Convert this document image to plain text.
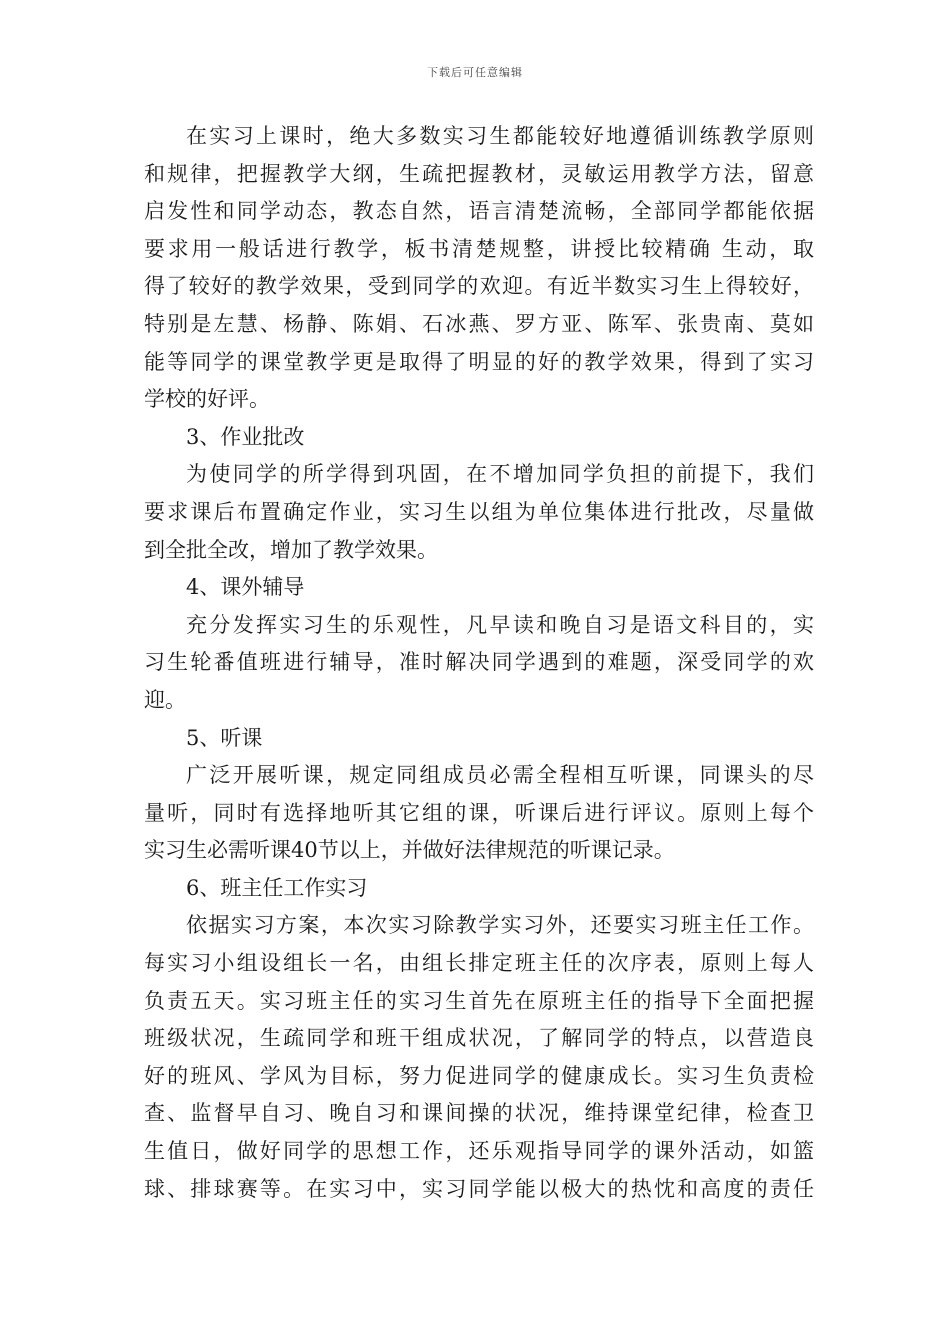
下载后可任意编辑
在实习上课时，绝大多数实习生都能较好地遵循训练教学原则
和规律，把握教学大纲，生疏把握教材，灵敏运用教学方法，留意
启发性和同学动态，教态自然，语言清楚流畅，全部同学都能依据
要求用一般话进行教学，板书清楚规整，讲授比较精确 生动，取
得了较好的教学效果，受到同学的欢迎。有近半数实习生上得较好，
特别是左慧、杨静、陈娟、石冰燕、罗方亚、陈军、张贵南、莫如
能等同学的课堂教学更是取得了明显的好的教学效果，得到了实习
学校的好评。
3、作业批改
为使同学的所学得到巩固，在不增加同学负担的前提下，我们
要求课后布置确定作业，实习生以组为单位集体进行批改，尽量做
到全批全改，增加了教学效果。
4、课外辅导
充分发挥实习生的乐观性，凡早读和晚自习是语文科目的，实
习生轮番值班进行辅导，准时解决同学遇到的难题，深受同学的欢
迎。
5、听课
广泛开展听课，规定同组成员必需全程相互听课，同课头的尽
量听，同时有选择地听其它组的课，听课后进行评议。原则上每个
实习生必需听课40节以上，并做好法律规范的听课记录。
6、班主任工作实习
依据实习方案，本次实习除教学实习外，还要实习班主任工作。
每实习小组设组长一名，由组长排定班主任的次序表，原则上每人
负责五天。实习班主任的实习生首先在原班主任的指导下全面把握
班级状况，生疏同学和班干组成状况，了解同学的特点，以营造良
好的班风、学风为目标，努力促进同学的健康成长。实习生负责检
查、监督早自习、晚自习和课间操的状况，维持课堂纪律，检查卫
生值日，做好同学的思想工作，还乐观指导同学的课外活动，如篮
球、排球赛等。在实习中，实习同学能以极大的热忱和高度的责任
